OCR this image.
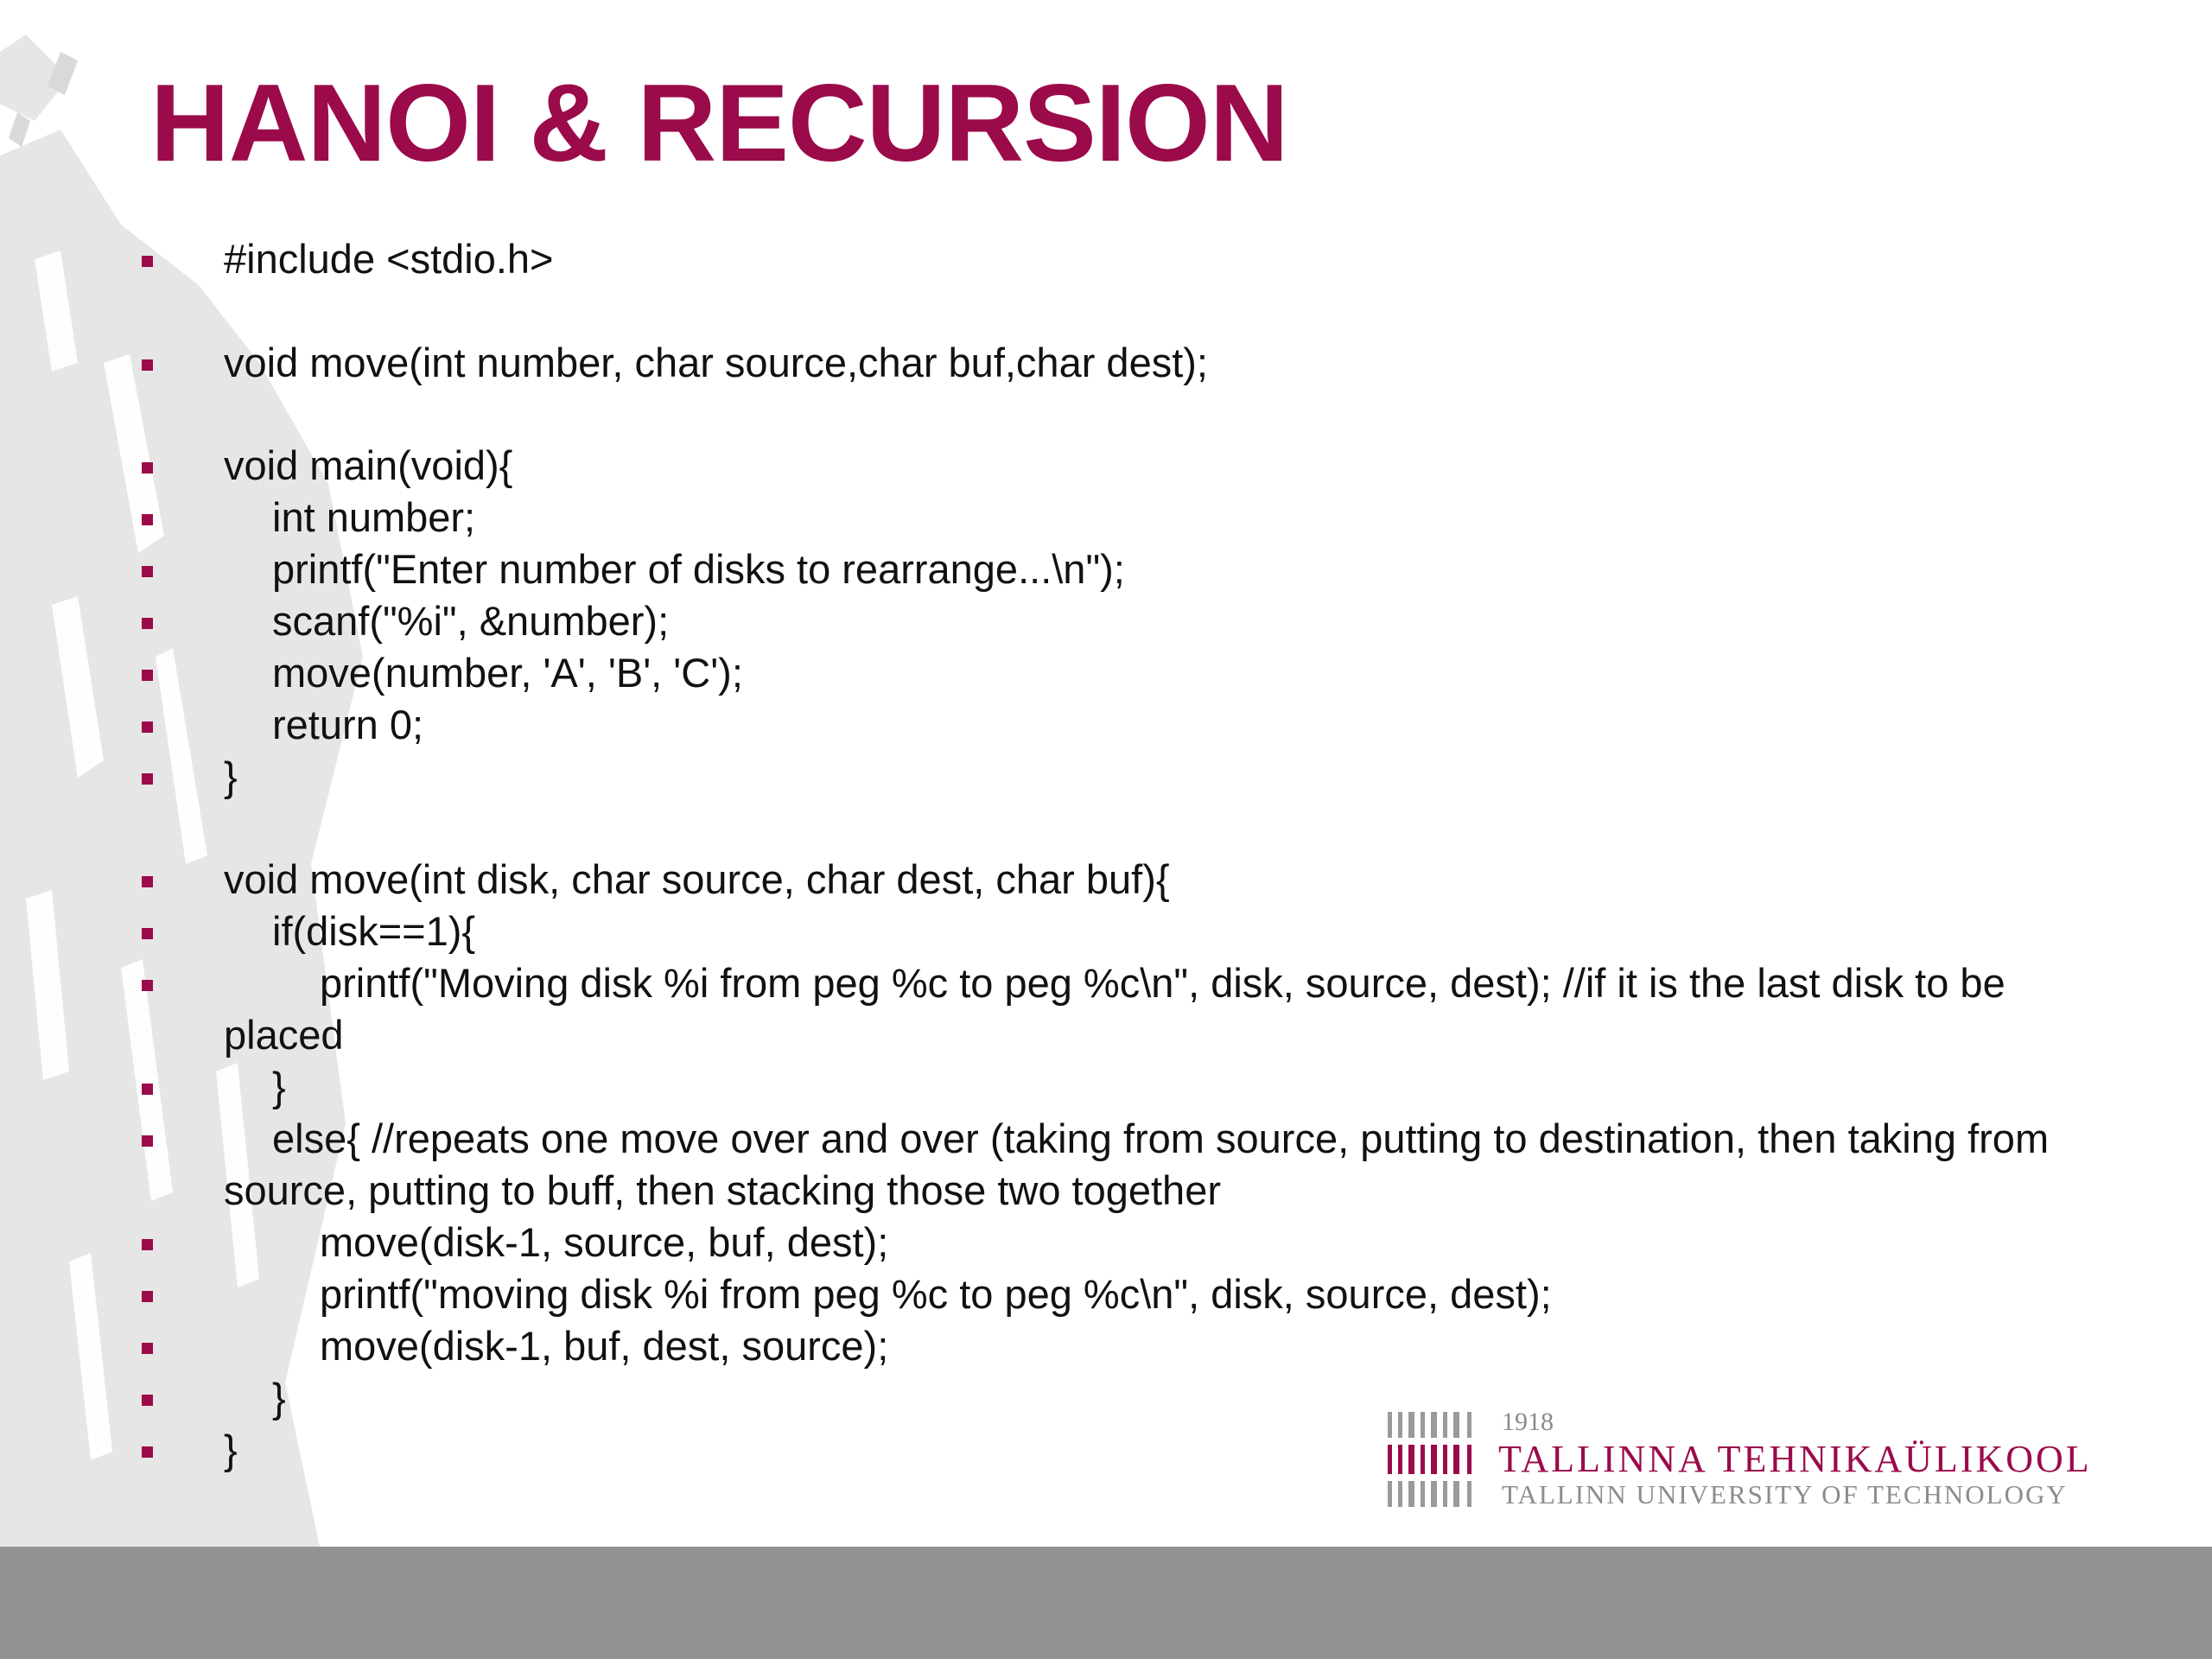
HANOI & RECURSION

#include <stdio.h>

void move(int number, char source,char buf,char dest);

void main(void){

int number;

printf("Enter number of disks to rearrange...\n");

scanf("%i", &number);

move(number, 'A', 'B', 'C');

return 0;

}

void move(int disk, char source, char dest, char buf){

if(disk==1){

printf("Moving disk %i from peg %c to peg %c\n", disk, source, dest); //if it is the last disk to be

placed

}

else{ //repeats one move over and over (taking from source, putting to destination, then taking from

source, putting to buff, then stacking those two together

move(disk-1, source, buf, dest);

printf("moving disk %i from peg %c to peg %c\n", disk, source, dest);

move(disk-1, buf, dest, source);

}

}

1918

TALLINNA TEHNIKAÜLIKOOL

TALLINN UNIVERSITY OF TECHNOLOGY
